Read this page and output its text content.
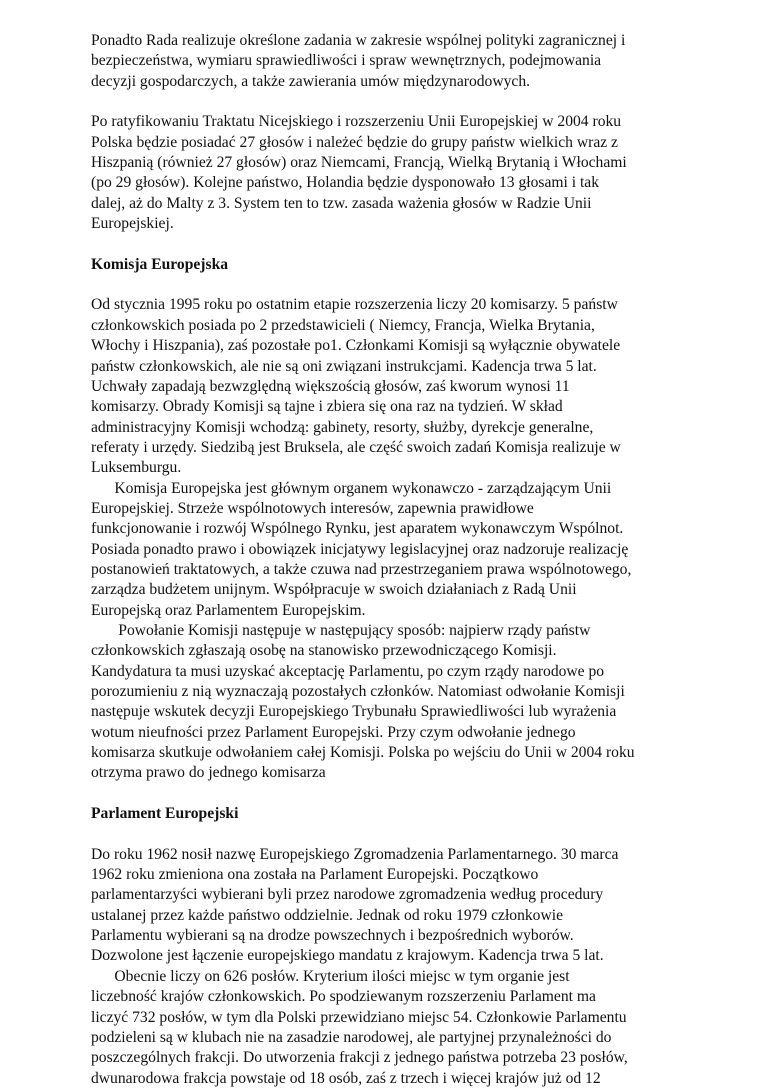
Ponadto Rada realizuje określone zadania w zakresie wspólnej polityki zagranicznej i
bezpieczeństwa, wymiaru sprawiedliwości i spraw wewnętrznych, podejmowania
decyzji gospodarczych, a także zawierania umów międzynarodowych.
Po ratyfikowaniu Traktatu Nicejskiego i rozszerzeniu Unii Europejskiej w 2004 roku
Polska będzie posiadać 27 głosów i należeć będzie do grupy państw wielkich wraz z
Hiszpanią (również 27 głosów) oraz Niemcami, Francją, Wielką Brytanią i Włochami
(po 29 głosów). Kolejne państwo, Holandia będzie dysponowało 13 głosami i tak
dalej, aż do Malty z 3. System ten to tzw. zasada ważenia głosów w Radzie Unii
Europejskiej.
Komisja Europejska
Od stycznia 1995 roku po ostatnim etapie rozszerzenia liczy 20 komisarzy. 5 państw
członkowskich posiada po 2 przedstawicieli ( Niemcy, Francja, Wielka Brytania,
Włochy i Hiszpania), zaś pozostałe po1. Członkami Komisji są wyłącznie obywatele
państw członkowskich, ale nie są oni związani instrukcjami. Kadencja trwa 5 lat.
Uchwały zapadają bezwzględną większością głosów, zaś kworum wynosi 11
komisarzy. Obrady Komisji są tajne i zbiera się ona raz na tydzień. W skład
administracyjny Komisji wchodzą: gabinety, resorty, służby, dyrekcje generalne,
referaty i urzędy. Siedzibą jest Bruksela, ale część swoich zadań Komisja realizuje w
Luksemburgu.
Komisja Europejska jest głównym organem wykonawczo - zarządzającym Unii
Europejskiej. Strzeże wspólnotowych interesów, zapewnia prawidłowe
funkcjonowanie i rozwój Wspólnego Rynku, jest aparatem wykonawczym Wspólnot.
Posiada ponadto prawo i obowiązek inicjatywy legislacyjnej oraz nadzoruje realizację
postanowień traktatowych, a także czuwa nad przestrzeganiem prawa wspólnotowego,
zarządza budżetem unijnym. Współpracuje w swoich działaniach z Radą Unii
Europejską oraz Parlamentem Europejskim.
Powołanie Komisji następuje w następujący sposób: najpierw rządy państw
członkowskich zgłaszają osobę na stanowisko przewodniczącego Komisji.
Kandydatura ta musi uzyskać akceptację Parlamentu, po czym rządy narodowe po
porozumieniu z nią wyznaczają pozostałych członków. Natomiast odwołanie Komisji
następuje wskutek decyzji Europejskiego Trybunału Sprawiedliwości lub wyrażenia
wotum nieufności przez Parlament Europejski. Przy czym odwołanie jednego
komisarza skutkuje odwołaniem całej Komisji. Polska po wejściu do Unii w 2004 roku
otrzyma prawo do jednego komisarza
Parlament Europejski
Do roku 1962 nosił nazwę Europejskiego Zgromadzenia Parlamentarnego. 30 marca
1962 roku zmieniona ona została na Parlament Europejski. Początkowo
parlamentarzyści wybierani byli przez narodowe zgromadzenia według procedury
ustalanej przez każde państwo oddzielnie. Jednak od roku 1979 członkowie
Parlamentu wybierani są na drodze powszechnych i bezpośrednich wyborów.
Dozwolone jest łączenie europejskiego mandatu z krajowym. Kadencja trwa 5 lat.
Obecnie liczy on 626 posłów. Kryterium ilości miejsc w tym organie jest
liczebność krajów członkowskich. Po spodziewanym rozszerzeniu Parlament ma
liczyć 732 posłów, w tym dla Polski przewidziano miejsc 54. Członkowie Parlamentu
podzieleni są w klubach nie na zasadzie narodowej, ale partyjnej przynależności do
poszczególnych frakcji. Do utworzenia frakcji z jednego państwa potrzeba 23 posłów,
dwunarodowa frakcja powstaje od 18 osób, zaś z trzech i więcej krajów już od 12
